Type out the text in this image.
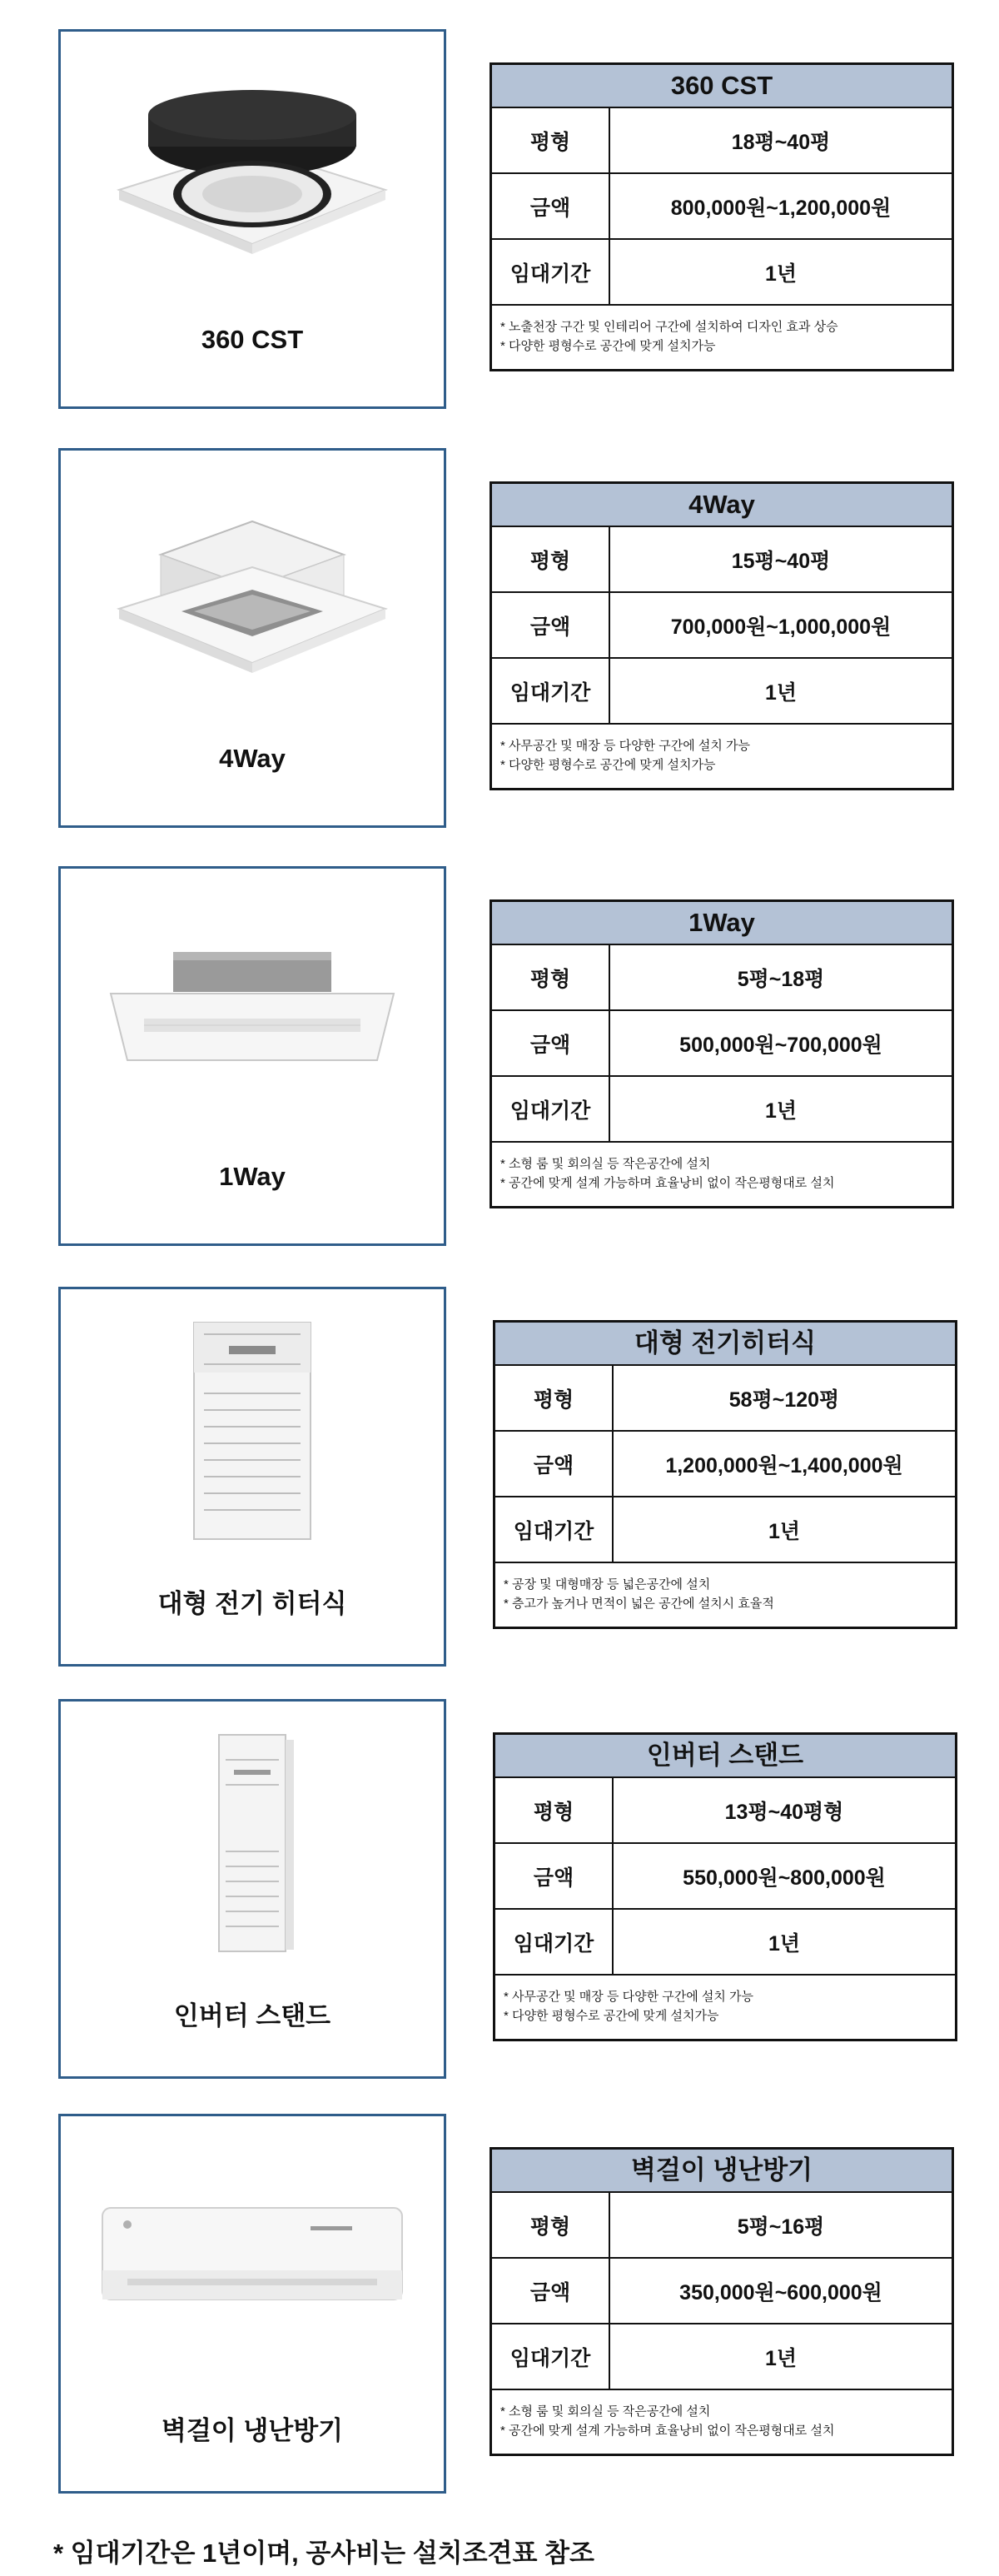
360 CST
360 CST
평형	18평~40평
금액	800,000원~1,200,000원
임대기간	1년
* 노출천장 구간 및 인테리어 구간에 설치하여 디자인 효과 상승
* 다양한 평형수로 공간에 맞게 설치가능
4Way
4Way
평형	15평~40평
금액	700,000원~1,000,000원
임대기간	1년
* 사무공간 및 매장 등 다양한 구간에 설치 가능
* 다양한 평형수로 공간에 맞게 설치가능
1Way
1Way
평형	5평~18평
금액	500,000원~700,000원
임대기간	1년
* 소형 룸 및 회의실 등 작은공간에 설치
* 공간에 맞게 설계 가능하며 효율낭비 없이 작은평형대로 설치
대형 전기 히터식
대형 전기히터식
평형	58평~120평
금액	1,200,000원~1,400,000원
임대기간	1년
* 공장 및 대형매장 등 넓은공간에 설치
* 층고가 높거나 면적이 넓은 공간에 설치시 효율적
인버터 스탠드
인버터 스탠드
평형	13평~40평형
금액	550,000원~800,000원
임대기간	1년
* 사무공간 및 매장 등 다양한 구간에 설치 가능
* 다양한 평형수로 공간에 맞게 설치가능
벽걸이 냉난방기
벽걸이 냉난방기
평형	5평~16평
금액	350,000원~600,000원
임대기간	1년
* 소형 룸 및 회의실 등 작은공간에 설치
* 공간에 맞게 설계 가능하며 효율낭비 없이 작은평형대로 설치
* 임대기간은 1년이며, 공사비는 설치조견표 참조
